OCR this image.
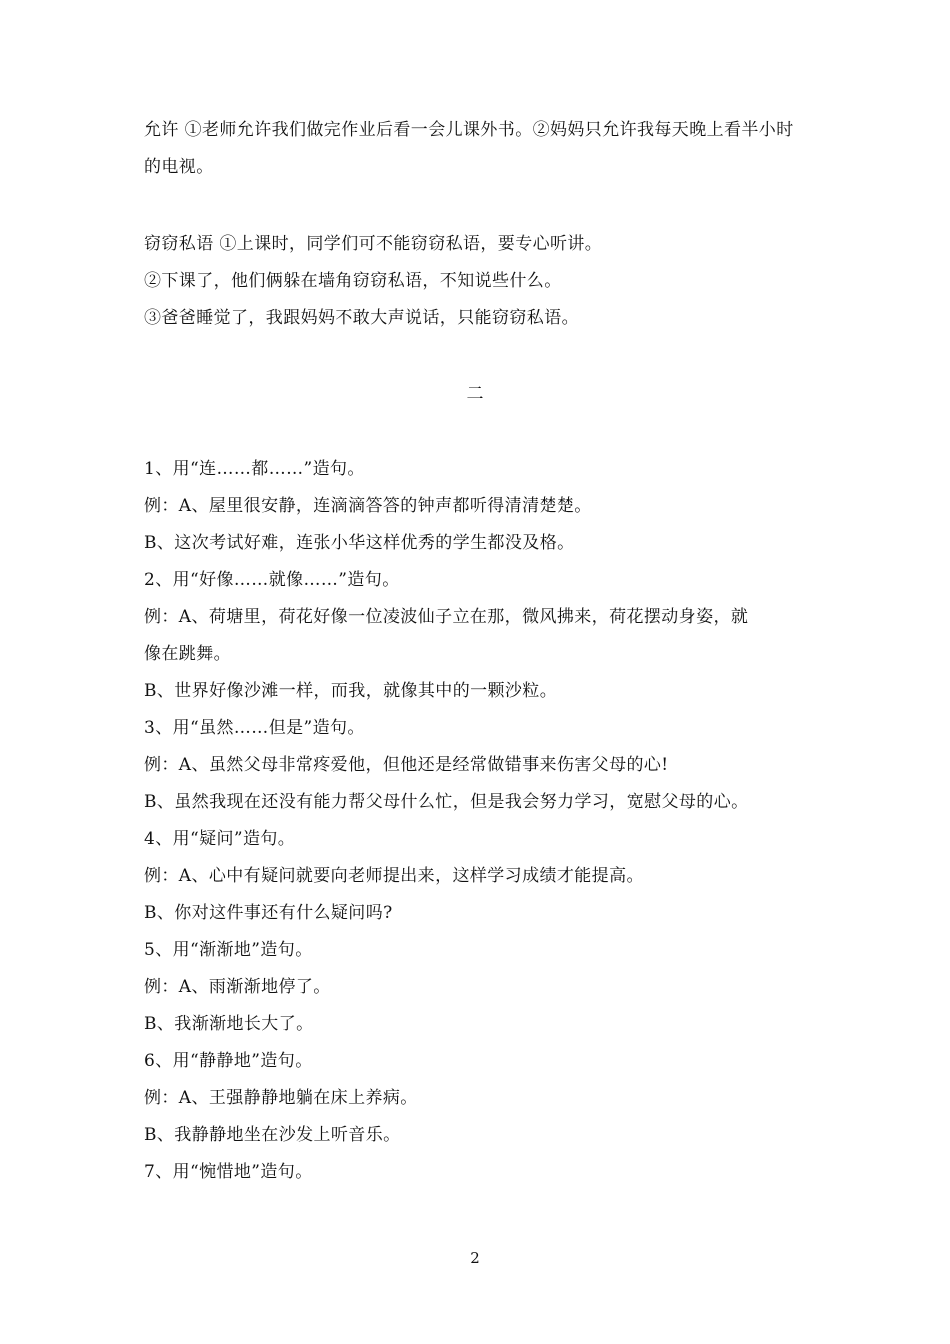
允许 ①老师允许我们做完作业后看一会儿课外书。②妈妈只允许我每天晚上看半小时的电视。
窃窃私语 ①上课时，同学们可不能窃窃私语，要专心听讲。
②下课了，他们俩躲在墙角窃窃私语，不知说些什么。
③爸爸睡觉了，我跟妈妈不敢大声说话，只能窃窃私语。
二
1、用“连……都……”造句。
例：A、屋里很安静，连滴滴答答的钟声都听得清清楚楚。
B、这次考试好难，连张小华这样优秀的学生都没及格。
2、用“好像……就像……”造句。
例：A、荷塘里，荷花好像一位凌波仙子立在那，微风拂来，荷花摆动身姿，就
像在跳舞。
B、世界好像沙滩一样，而我，就像其中的一颗沙粒。
3、用“虽然……但是”造句。
例：A、虽然父母非常疼爱他，但他还是经常做错事来伤害父母的心!
B、虽然我现在还没有能力帮父母什么忙，但是我会努力学习，宽慰父母的心。
4、用“疑问”造句。
例：A、心中有疑问就要向老师提出来，这样学习成绩才能提高。
B、你对这件事还有什么疑问吗?
5、用“渐渐地”造句。
例：A、雨渐渐地停了。
B、我渐渐地长大了。
6、用“静静地”造句。
例：A、王强静静地躺在床上养病。
B、我静静地坐在沙发上听音乐。
7、用“惋惜地”造句。
2
